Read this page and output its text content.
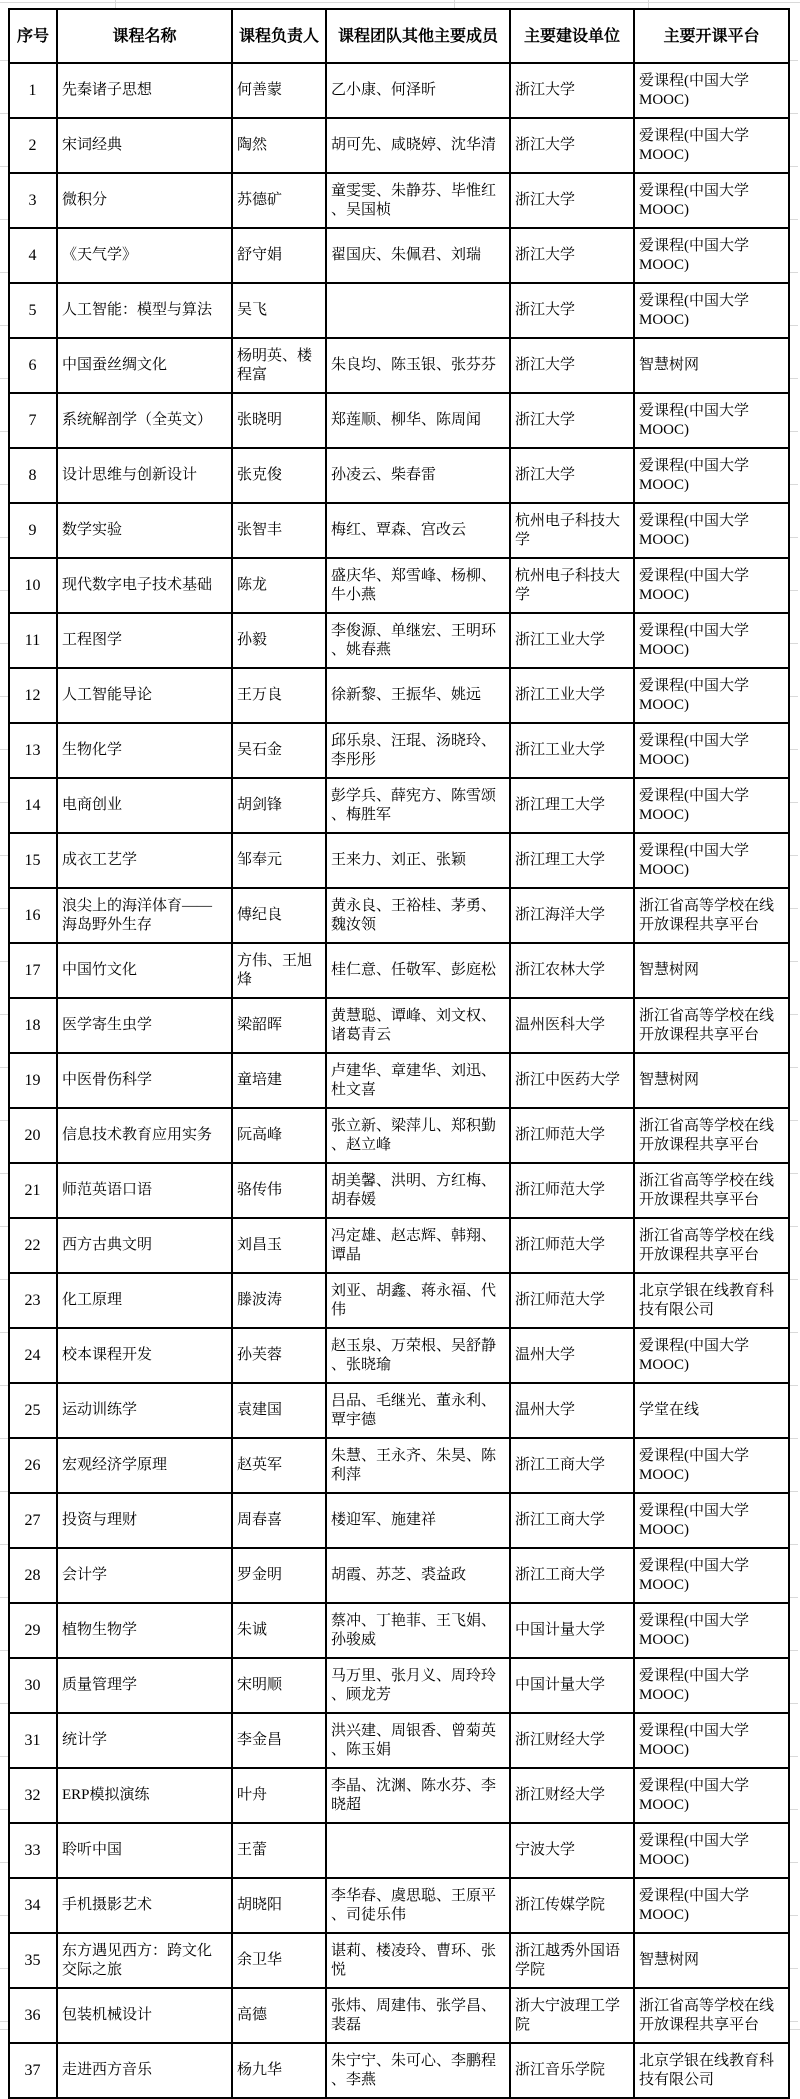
序号	课程名称	课程负责人	课程团队其他主要成员	主要建设单位	主要开课平台
1	先秦诸子思想	何善蒙	乙小康、何泽昕	浙江大学	爱课程(中国大学MOOC)
2	宋词经典	陶然	胡可先、咸晓婷、沈华清	浙江大学	爱课程(中国大学MOOC)
3	微积分	苏德矿	童雯雯、朱静芬、毕惟红、吴国桢	浙江大学	爱课程(中国大学MOOC)
4	《天气学》	舒守娟	翟国庆、朱佩君、刘瑞	浙江大学	爱课程(中国大学MOOC)
5	人工智能：模型与算法	吴飞		浙江大学	爱课程(中国大学MOOC)
6	中国蚕丝绸文化	杨明英、楼程富	朱良均、陈玉银、张芬芬	浙江大学	智慧树网
7	系统解剖学（全英文）	张晓明	郑莲顺、柳华、陈周闻	浙江大学	爱课程(中国大学MOOC)
8	设计思维与创新设计	张克俊	孙凌云、柴春雷	浙江大学	爱课程(中国大学MOOC)
9	数学实验	张智丰	梅红、覃森、宫改云	杭州电子科技大学	爱课程(中国大学MOOC)
10	现代数字电子技术基础	陈龙	盛庆华、郑雪峰、杨柳、牛小燕	杭州电子科技大学	爱课程(中国大学MOOC)
11	工程图学	孙毅	李俊源、单继宏、王明环、姚春燕	浙江工业大学	爱课程(中国大学MOOC)
12	人工智能导论	王万良	徐新黎、王振华、姚远	浙江工业大学	爱课程(中国大学MOOC)
13	生物化学	吴石金	邱乐泉、汪琨、汤晓玲、李彤彤	浙江工业大学	爱课程(中国大学MOOC)
14	电商创业	胡剑锋	彭学兵、薛宪方、陈雪颂、梅胜军	浙江理工大学	爱课程(中国大学MOOC)
15	成衣工艺学	邹奉元	王来力、刘正、张颖	浙江理工大学	爱课程(中国大学MOOC)
16	浪尖上的海洋体育——海岛野外生存	傅纪良	黄永良、王裕桂、茅勇、魏汝领	浙江海洋大学	浙江省高等学校在线开放课程共享平台
17	中国竹文化	方伟、王旭烽	桂仁意、任敬军、彭庭松	浙江农林大学	智慧树网
18	医学寄生虫学	梁韶晖	黄慧聪、谭峰、刘文权、诸葛青云	温州医科大学	浙江省高等学校在线开放课程共享平台
19	中医骨伤科学	童培建	卢建华、章建华、刘迅、杜文喜	浙江中医药大学	智慧树网
20	信息技术教育应用实务	阮高峰	张立新、梁萍儿、郑积勤、赵立峰	浙江师范大学	浙江省高等学校在线开放课程共享平台
21	师范英语口语	骆传伟	胡美馨、洪明、方红梅、胡春媛	浙江师范大学	浙江省高等学校在线开放课程共享平台
22	西方古典文明	刘昌玉	冯定雄、赵志辉、韩翔、谭晶	浙江师范大学	浙江省高等学校在线开放课程共享平台
23	化工原理	滕波涛	刘亚、胡鑫、蒋永福、代伟	浙江师范大学	北京学银在线教育科技有限公司
24	校本课程开发	孙芙蓉	赵玉泉、万荣根、吴舒静、张晓瑜	温州大学	爱课程(中国大学MOOC)
25	运动训练学	袁建国	吕品、毛继光、董永利、覃宇德	温州大学	学堂在线
26	宏观经济学原理	赵英军	朱慧、王永齐、朱昊、陈利萍	浙江工商大学	爱课程(中国大学MOOC)
27	投资与理财	周春喜	楼迎军、施建祥	浙江工商大学	爱课程(中国大学MOOC)
28	会计学	罗金明	胡霞、苏芝、裘益政	浙江工商大学	爱课程(中国大学MOOC)
29	植物生物学	朱诚	蔡冲、丁艳菲、王飞娟、孙骏威	中国计量大学	爱课程(中国大学MOOC)
30	质量管理学	宋明顺	马万里、张月义、周玲玲、顾龙芳	中国计量大学	爱课程(中国大学MOOC)
31	统计学	李金昌	洪兴建、周银香、曾菊英、陈玉娟	浙江财经大学	爱课程(中国大学MOOC)
32	ERP模拟演练	叶舟	李晶、沈渊、陈水芬、李晓超	浙江财经大学	爱课程(中国大学MOOC)
33	聆听中国	王蕾		宁波大学	爱课程(中国大学MOOC)
34	手机摄影艺术	胡晓阳	李华春、虞思聪、王原平、司徒乐伟	浙江传媒学院	爱课程(中国大学MOOC)
35	东方遇见西方：跨文化交际之旅	余卫华	谌莉、楼凌玲、曹环、张悦	浙江越秀外国语学院	智慧树网
36	包装机械设计	高德	张炜、周建伟、张学昌、裴磊	浙大宁波理工学院	浙江省高等学校在线开放课程共享平台
37	走进西方音乐	杨九华	朱宁宁、朱可心、李鹏程、李燕	浙江音乐学院	北京学银在线教育科技有限公司
